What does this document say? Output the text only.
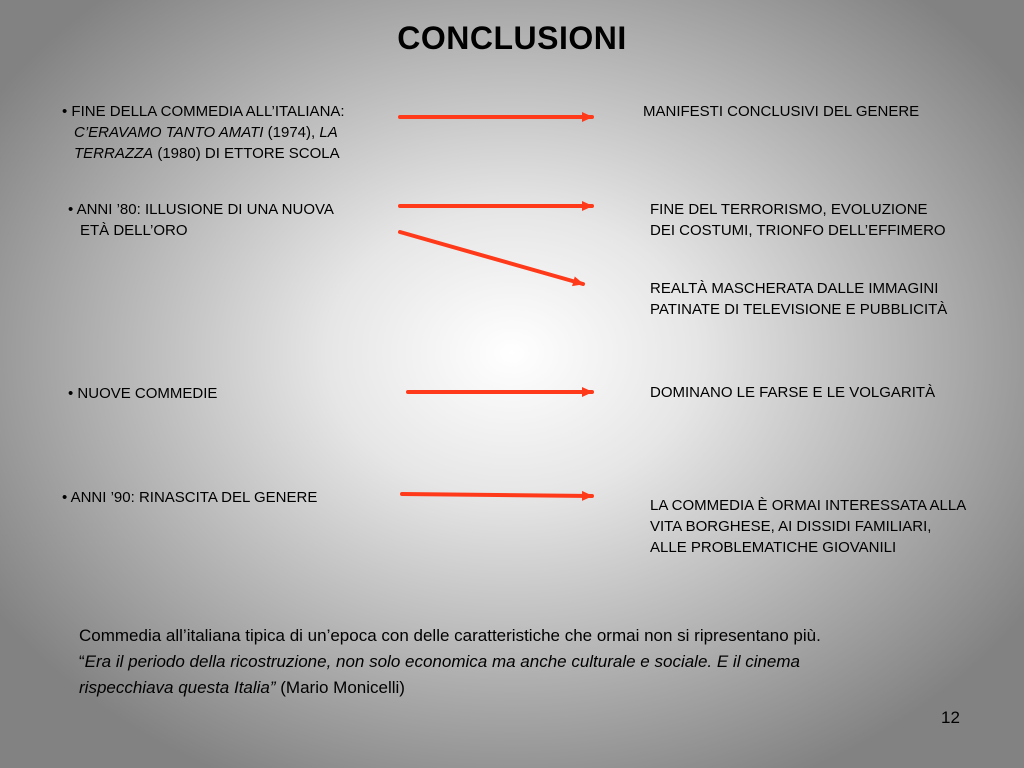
CONCLUSIONI
• FINE DELLA COMMEDIA ALL’ITALIANA:
C’ERAVAMO TANTO AMATI (1974), LA
TERRAZZA (1980) DI ETTORE SCOLA
• ANNI ’80: ILLUSIONE DI UNA NUOVA
ETÀ DELL’ORO
• NUOVE COMMEDIE
• ANNI ’90: RINASCITA DEL GENERE
MANIFESTI CONCLUSIVI DEL GENERE
FINE DEL TERRORISMO, EVOLUZIONE
DEI COSTUMI, TRIONFO DELL’EFFIMERO
REALTÀ MASCHERATA DALLE IMMAGINI
PATINATE DI TELEVISIONE E PUBBLICITÀ
DOMINANO LE FARSE E LE VOLGARITÀ
LA COMMEDIA È ORMAI INTERESSATA ALLA
VITA BORGHESE, AI DISSIDI FAMILIARI,
ALLE PROBLEMATICHE GIOVANILI
Commedia all’italiana tipica di un’epoca con delle caratteristiche che ormai non si ripresentano più.
“Era il periodo della ricostruzione, non solo economica ma anche culturale e sociale. E il cinema
rispecchiava questa Italia” (Mario Monicelli)
12
